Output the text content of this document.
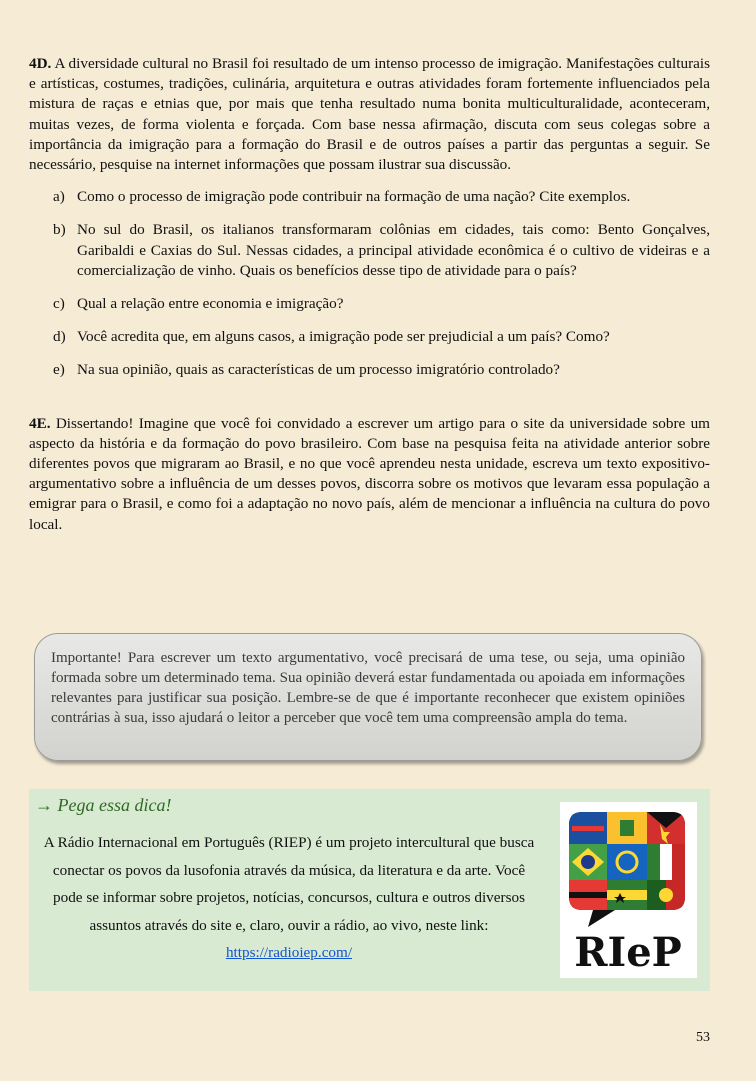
4D. A diversidade cultural no Brasil foi resultado de um intenso processo de imigração. Manifestações culturais e artísticas, costumes, tradições, culinária, arquitetura e outras atividades foram fortemente influenciados pela mistura de raças e etnias que, por mais que tenha resultado numa bonita multiculturalidade, aconteceram, muitas vezes, de forma violenta e forçada. Com base nessa afirmação, discuta com seus colegas sobre a importância da imigração para a formação do Brasil e de outros países a partir das perguntas a seguir. Se necessário, pesquise na internet informações que possam ilustrar sua discussão.

a) Como o processo de imigração pode contribuir na formação de uma nação? Cite exemplos.
b) No sul do Brasil, os italianos transformaram colônias em cidades, tais como: Bento Gonçalves, Garibaldi e Caxias do Sul. Nessas cidades, a principal atividade econômica é o cultivo de videiras e a comercialização de vinho. Quais os benefícios desse tipo de atividade para o país?
c) Qual a relação entre economia e imigração?
d) Você acredita que, em alguns casos, a imigração pode ser prejudicial a um país? Como?
e) Na sua opinião, quais as características de um processo imigratório controlado?

4E. Dissertando! Imagine que você foi convidado a escrever um artigo para o site da universidade sobre um aspecto da história e da formação do povo brasileiro. Com base na pesquisa feita na atividade anterior sobre diferentes povos que migraram ao Brasil, e no que você aprendeu nesta unidade, escreva um texto expositivo-argumentativo sobre a influência de um desses povos, discorra sobre os motivos que levaram essa população a emigrar para o Brasil, e como foi a adaptação no novo país, além de mencionar a influência na cultura do povo local.

Importante! Para escrever um texto argumentativo, você precisará de uma tese, ou seja, uma opinião formada sobre um determinado tema. Sua opinião deverá estar fundamentada ou apoiada em informações relevantes para justificar sua posição. Lembre-se de que é importante reconhecer que existem opiniões contrárias à sua, isso ajudará o leitor a perceber que você tem uma compreensão ampla do tema.

→ Pega essa dica!
A Rádio Internacional em Português (RIEP) é um projeto intercultural que busca conectar os povos da lusofonia através da música, da literatura e da arte. Você pode se informar sobre projetos, notícias, concursos, cultura e outros diversos assuntos através do site e, claro, ouvir a rádio, ao vivo, neste link: https://radioiep.com/	RIeP
53
